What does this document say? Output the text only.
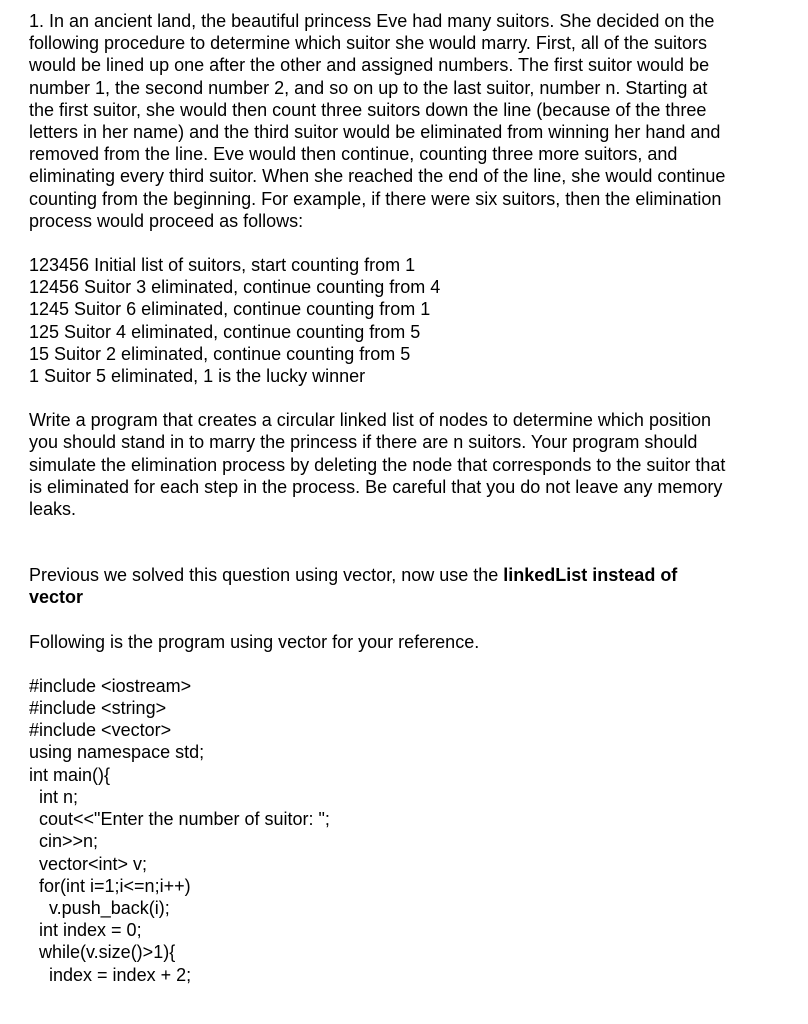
1. In an ancient land, the beautiful princess Eve had many suitors. She decided on the
following procedure to determine which suitor she would marry. First, all of the suitors
would be lined up one after the other and assigned numbers. The first suitor would be
number 1, the second number 2, and so on up to the last suitor, number n. Starting at
the first suitor, she would then count three suitors down the line (because of the three
letters in her name) and the third suitor would be eliminated from winning her hand and
removed from the line. Eve would then continue, counting three more suitors, and
eliminating every third suitor. When she reached the end of the line, she would continue
counting from the beginning. For example, if there were six suitors, then the elimination
process would proceed as follows:
123456 Initial list of suitors, start counting from 1
12456 Suitor 3 eliminated, continue counting from 4
1245 Suitor 6 eliminated, continue counting from 1
125 Suitor 4 eliminated, continue counting from 5
15 Suitor 2 eliminated, continue counting from 5
1 Suitor 5 eliminated, 1 is the lucky winner
Write a program that creates a circular linked list of nodes to determine which position
you should stand in to marry the princess if there are n suitors. Your program should
simulate the elimination process by deleting the node that corresponds to the suitor that
is eliminated for each step in the process. Be careful that you do not leave any memory
leaks.
Previous we solved this question using vector, now use the linkedList instead of
vector
Following is the program using vector for your reference.
#include <iostream>
#include <string>
#include <vector>
using namespace std;
int main(){
int n;
cout<<"Enter the number of suitor: ";
cin>>n;
vector<int> v;
for(int i=1;i<=n;i++)
v.push_back(i);
int index = 0;
while(v.size()>1){
index = index + 2;
